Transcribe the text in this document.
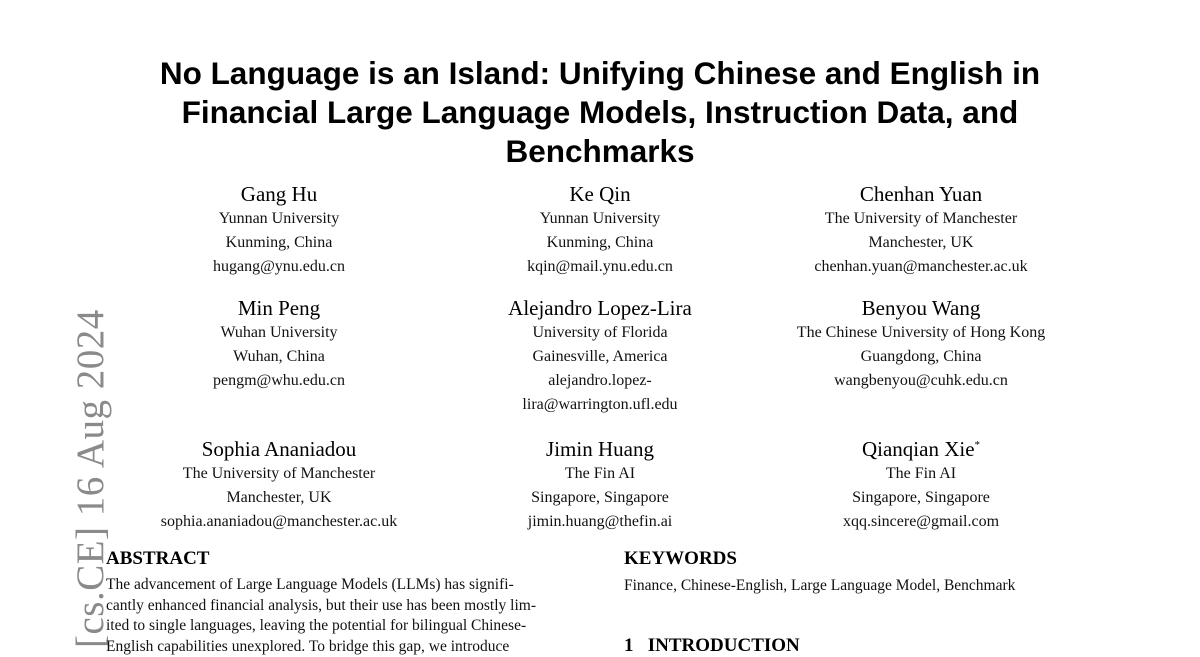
[cs.CE] 16 Aug 2024
No Language is an Island: Unifying Chinese and English in Financial Large Language Models, Instruction Data, and Benchmarks
Gang Hu
Yunnan University
Kunming, China
hugang@ynu.edu.cn
Ke Qin
Yunnan University
Kunming, China
kqin@mail.ynu.edu.cn
Chenhan Yuan
The University of Manchester
Manchester, UK
chenhan.yuan@manchester.ac.uk
Min Peng
Wuhan University
Wuhan, China
pengm@whu.edu.cn
Alejandro Lopez-Lira
University of Florida
Gainesville, America
alejandro.lopez-
lira@warrington.ufl.edu
Benyou Wang
The Chinese University of Hong Kong
Guangdong, China
wangbenyou@cuhk.edu.cn
Sophia Ananiadou
The University of Manchester
Manchester, UK
sophia.ananiadou@manchester.ac.uk
Jimin Huang
The Fin AI
Singapore, Singapore
jimin.huang@thefin.ai
Qianqian Xie*
The Fin AI
Singapore, Singapore
xqq.sincere@gmail.com
ABSTRACT

The advancement of Large Language Models (LLMs) has signifi-
cantly enhanced financial analysis, but their use has been mostly lim-
ited to single languages, leaving the potential for bilingual Chinese-
English capabilities unexplored. To bridge this gap, we introduce

KEYWORDS

Finance, Chinese-English, Large Language Model, Benchmark

1 INTRODUCTION
